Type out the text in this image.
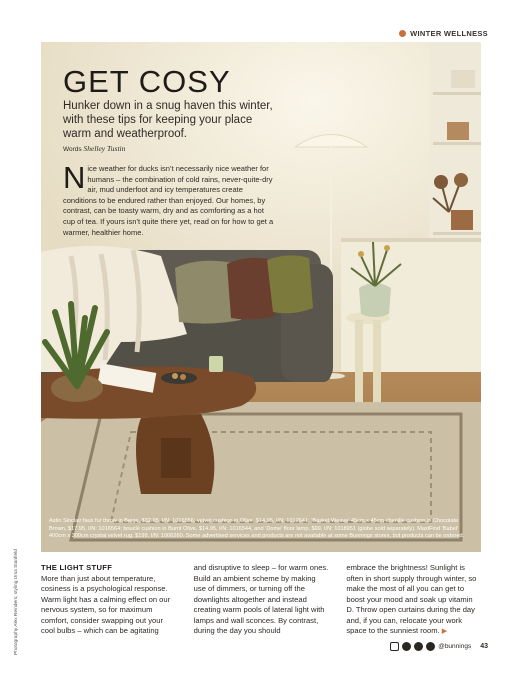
WINTER WELLNESS
GET COSY

Hunker down in a snug haven this winter, with these tips for keeping your place warm and weatherproof.

Words Shelley Tustin

Nice weather for ducks isn’t necessarily nice weather for humans – the combination of cold rains, never-quite-dry air, mud underfoot and icy temperatures create conditions to be endured rather than enjoyed. Our homes, by contrast, can be toasty warm, dry and as comforting as a hot cup of tea. If yours isn’t quite there yet, read on for how to get a warmer, healthier home.

Astin Sinclair faux fur throw in Beige, $32.95, I/N: 1016556; velvet cushion in Olive, $14.95, I/N: 1012641; ‘Basket Weave’ 45cm x 45cm chenille cushion in Chocolate Brown, $17.95, I/N: 1016564; bouclé cushion in Burnt Olive, $14.95, I/N: 1016544, and ‘Dome’ floor lamp, $99, I/N: 1018951 (globe sold separately). MaxiFind ‘Babel’ 400cm x 300cm crystal velvet rug, $199, I/N: 1006260. Some advertised services and products are not available at some Bunnings stores, but products can be ordered.

Photography Alex Reinders; styling Ursa Stanfield	THE LIGHT STUFF
More than just about temperature, cosiness is a psychological response. Warm light has a calming effect on our nervous system, so for maximum comfort, consider swapping out your cool bulbs – which can be agitating
and disruptive to sleep – for warm ones. Build an ambient scheme by making use of dimmers, or turning off the downlights altogether and instead creating warm pools of lateral light with lamps and wall sconces. By contrast, during the day you should
embrace the brightness! Sunlight is often in short supply through winter, so make the most of all you can get to boost your mood and soak up vitamin D. Throw open curtains during the day and, if you can, relocate your work space to the sunniest room. ▶
@bunnings 43
